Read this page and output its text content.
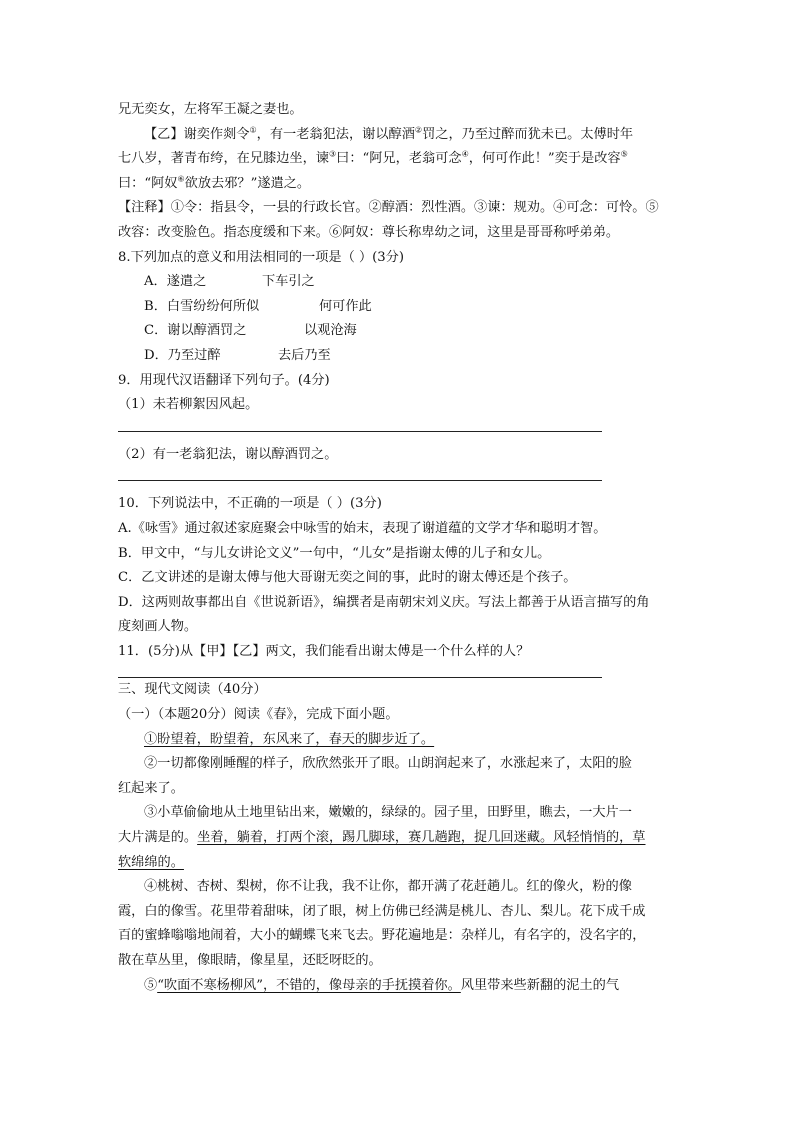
兄无奕女，左将军王凝之妻也。
【乙】谢奕作剡令①，有一老翁犯法，谢以醇酒②罚之，乃至过醉而犹未已。太傅时年
七八岁，著青布绔，在兄膝边坐，谏③曰：“阿兄，老翁可念④，何可作此！”奕于是改容⑤
曰：“阿奴⑥欲放去邪？”遂遣之。
【注释】①令：指县令，一县的行政长官。②醇酒：烈性酒。③谏：规劝。④可念：可怜。⑤
改容：改变脸色。指态度缓和下来。⑥阿奴：尊长称卑幼之词，这里是哥哥称呼弟弟。
8.下列加点的意义和用法相同的一项是（ ）(3分)
A．遂遣之	下车引之
B．白雪纷纷何所似	何可作此
C．谢以醇酒罚之	以观沧海
D．乃至过醉	去后乃至
9．用现代汉语翻译下列句子。(4分)
（1）未若柳絮因风起。
（2）有一老翁犯法，谢以醇酒罚之。
10．下列说法中，不正确的一项是（ ）(3分)
A.《咏雪》通过叙述家庭聚会中咏雪的始末，表现了谢道蕴的文学才华和聪明才智。
B．甲文中，“与儿女讲论文义”一句中，“儿女”是指谢太傅的儿子和女儿。
C．乙文讲述的是谢太傅与他大哥谢无奕之间的事，此时的谢太傅还是个孩子。
D．这两则故事都出自《世说新语》，编撰者是南朝宋刘义庆。写法上都善于从语言描写的角
度刻画人物。
11．(5分)从【甲】【乙】两文，我们能看出谢太傅是一个什么样的人？
三、现代文阅读（40分）
（一）（本题20分）阅读《春》，完成下面小题。
①盼望着，盼望着，东风来了，春天的脚步近了。
②一切都像刚睡醒的样子，欣欣然张开了眼。山朗润起来了，水涨起来了，太阳的脸
红起来了。
③小草偷偷地从土地里钻出来，嫩嫩的，绿绿的。园子里，田野里，瞧去，一大片一
大片满是的。坐着，躺着，打两个滚，踢几脚球，赛几趟跑，捉几回迷藏。风轻悄悄的，草
软绵绵的。
④桃树、杏树、梨树，你不让我，我不让你，都开满了花赶趟儿。红的像火，粉的像
霞，白的像雪。花里带着甜味，闭了眼，树上仿佛已经满是桃儿、杏儿、梨儿。花下成千成
百的蜜蜂嗡嗡地闹着，大小的蝴蝶飞来飞去。野花遍地是：杂样儿，有名字的，没名字的，
散在草丛里，像眼睛，像星星，还眨呀眨的。
⑤“吹面不寒杨柳风”，不错的，像母亲的手抚摸着你。风里带来些新翻的泥土的气
